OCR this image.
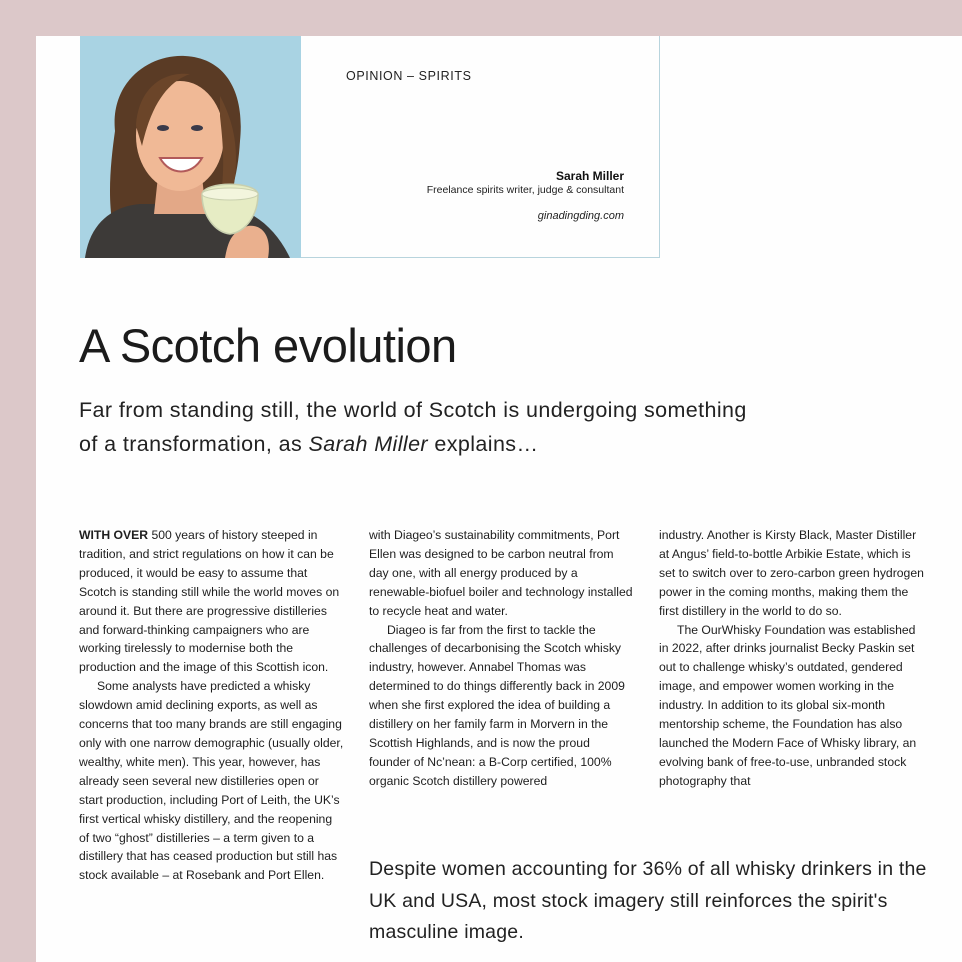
OPINION – SPIRITS
Sarah Miller
Freelance spirits writer, judge & consultant
ginadingding.com
A Scotch evolution
Far from standing still, the world of Scotch is undergoing something of a transformation, as Sarah Miller explains…

WITH OVER 500 years of history steeped in tradition, and strict regulations on how it can be produced, it would be easy to assume that Scotch is standing still while the world moves on around it. But there are progressive distilleries and forward-thinking campaigners who are working tirelessly to modernise both the production and the image of this Scottish icon.

Some analysts have predicted a whisky slowdown amid declining exports, as well as concerns that too many brands are still engaging only with one narrow demographic (usually older, wealthy, white men). This year, however, has already seen several new distilleries open or start production, including Port of Leith, the UK’s first vertical whisky distillery, and the reopening of two “ghost” distilleries – a term given to a distillery that has ceased production but still has stock available – at Rosebank and Port Ellen.

with Diageo’s sustainability commitments, Port Ellen was designed to be carbon neutral from day one, with all energy produced by a renewable-biofuel boiler and technology installed to recycle heat and water.

Diageo is far from the first to tackle the challenges of decarbonising the Scotch whisky industry, however. Annabel Thomas was determined to do things differently back in 2009 when she first explored the idea of building a distillery on her family farm in Morvern in the Scottish Highlands, and is now the proud founder of Nc’nean: a B-Corp certified, 100% organic Scotch distillery powered

industry. Another is Kirsty Black, Master Distiller at Angus’ field-to-bottle Arbikie Estate, which is set to switch over to zero-carbon green hydrogen power in the coming months, making them the first distillery in the world to do so.

The OurWhisky Foundation was established in 2022, after drinks journalist Becky Paskin set out to challenge whisky’s outdated, gendered image, and empower women working in the industry. In addition to its global six-month mentorship scheme, the Foundation has also launched the Modern Face of Whisky library, an evolving bank of free-to-use, unbranded stock photography that

Despite women accounting for 36% of all whisky drinkers in the UK and USA, most stock imagery still reinforces the spirit's masculine image.
